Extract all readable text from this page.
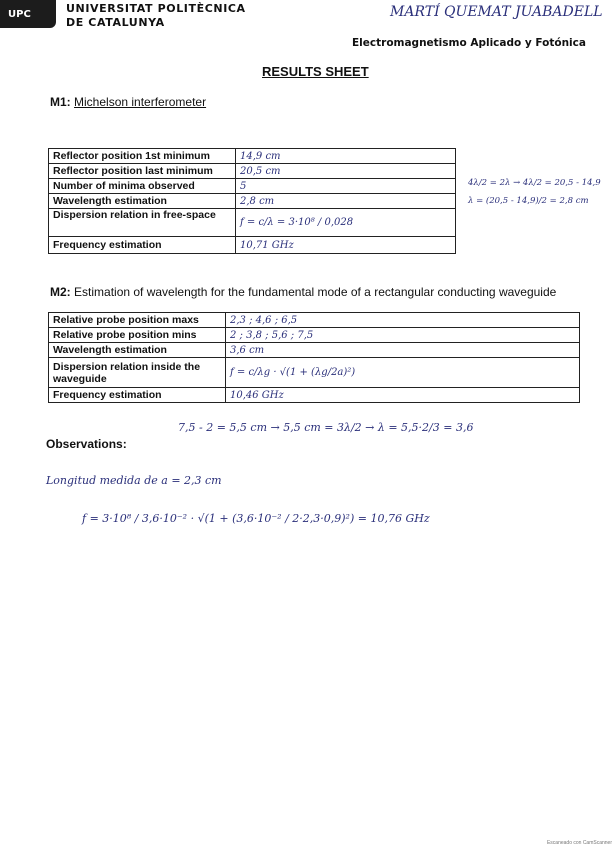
UPC	UNIVERSITAT POLITÈCNICA
DE CATALUNYA
MARTÍ QUEMAT JUABADELL
Electromagnetismo Aplicado y Fotónica
RESULTS SHEET
M1: Michelson interferometer
Reflector position 1st minimum	14,9 cm
Reflector position last minimum	20,5 cm
Number of minima observed	5
Wavelength estimation	2,8 cm
Dispersion relation in free-space	f = c/λ = 3·10⁸ / 0,028
Frequency estimation	10,71 GHz
4λ/2 = 2λ → 4λ/2 = 20,5 - 14,9
λ = (20,5 - 14,9)/2 = 2,8 cm
M2: Estimation of wavelength for the fundamental mode of a rectangular conducting waveguide
Relative probe position maxs	2,3 ; 4,6 ; 6,5
Relative probe position mins	2 ; 3,8 ; 5,6 ; 7,5
Wavelength estimation	3,6 cm
Dispersion relation inside the waveguide	f = c/λg · √(1 + (λg/2a)²)
Frequency estimation	10,46 GHz
7,5 - 2 = 5,5 cm → 5,5 cm = 3λ/2 → λ = 5,5·2/3 = 3,6
Observations:
Longitud medida de a = 2,3 cm
f = 3·10⁸ / 3,6·10⁻² · √(1 + (3,6·10⁻² / 2·2,3·0,9)²) = 10,76 GHz
Escaneado con CamScanner
